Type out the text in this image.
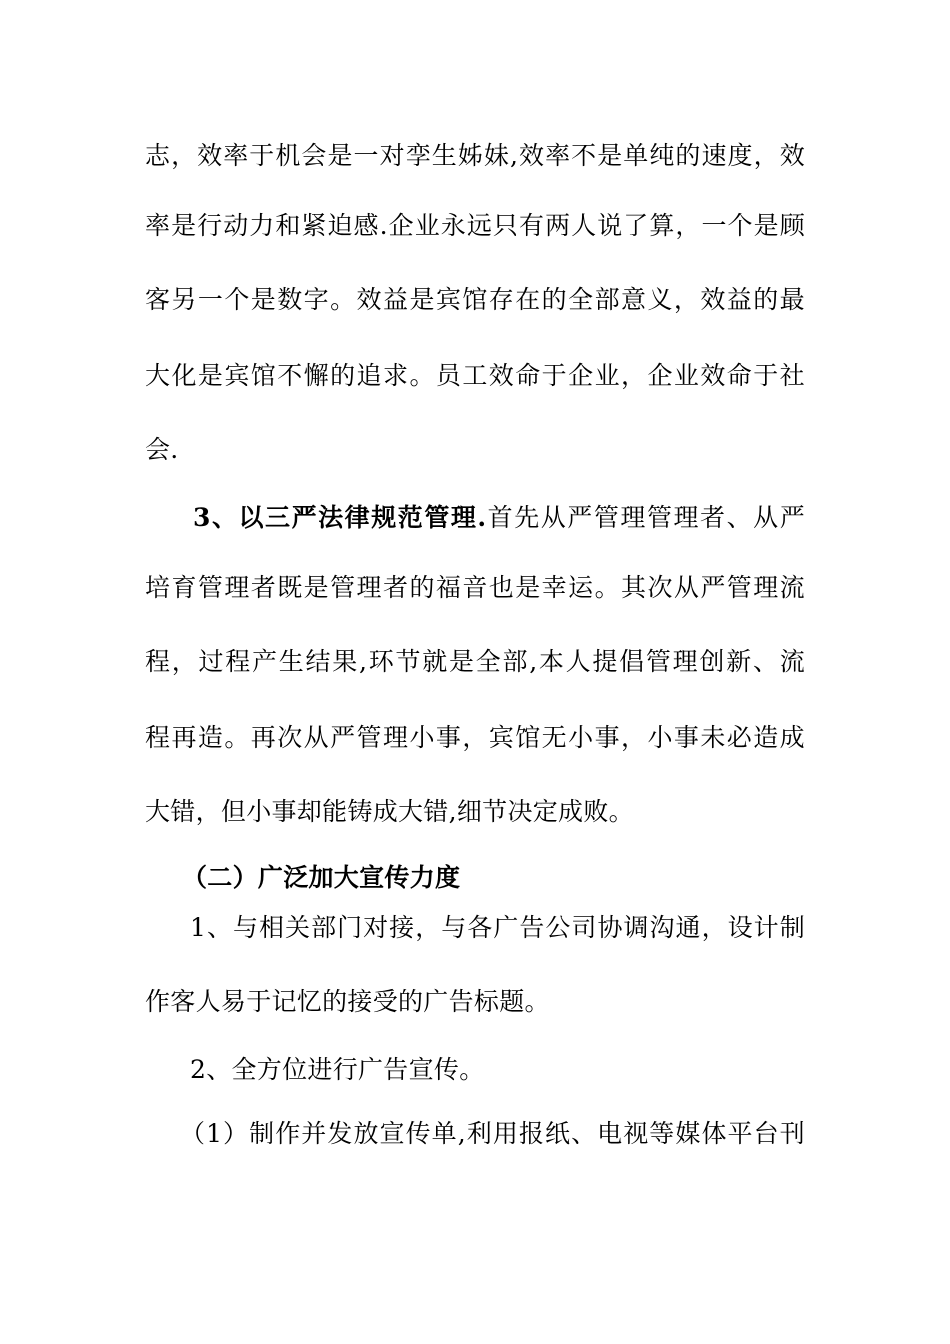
志，效率于机会是一对孪生姊妹,效率不是单纯的速度，效
率是行动力和紧迫感.企业永远只有两人说了算，一个是顾
客另一个是数字。效益是宾馆存在的全部意义，效益的最
大化是宾馆不懈的追求。员工效命于企业，企业效命于社
会.
3、以三严法律规范管理.首先从严管理管理者、从严
培育管理者既是管理者的福音也是幸运。其次从严管理流
程，过程产生结果,环节就是全部,本人提倡管理创新、流
程再造。再次从严管理小事，宾馆无小事，小事未必造成
大错，但小事却能铸成大错,细节决定成败。
（二）广泛加大宣传力度
1、与相关部门对接，与各广告公司协调沟通，设计制
作客人易于记忆的接受的广告标题。
2、全方位进行广告宣传。
（1）制作并发放宣传单,利用报纸、电视等媒体平台刊
